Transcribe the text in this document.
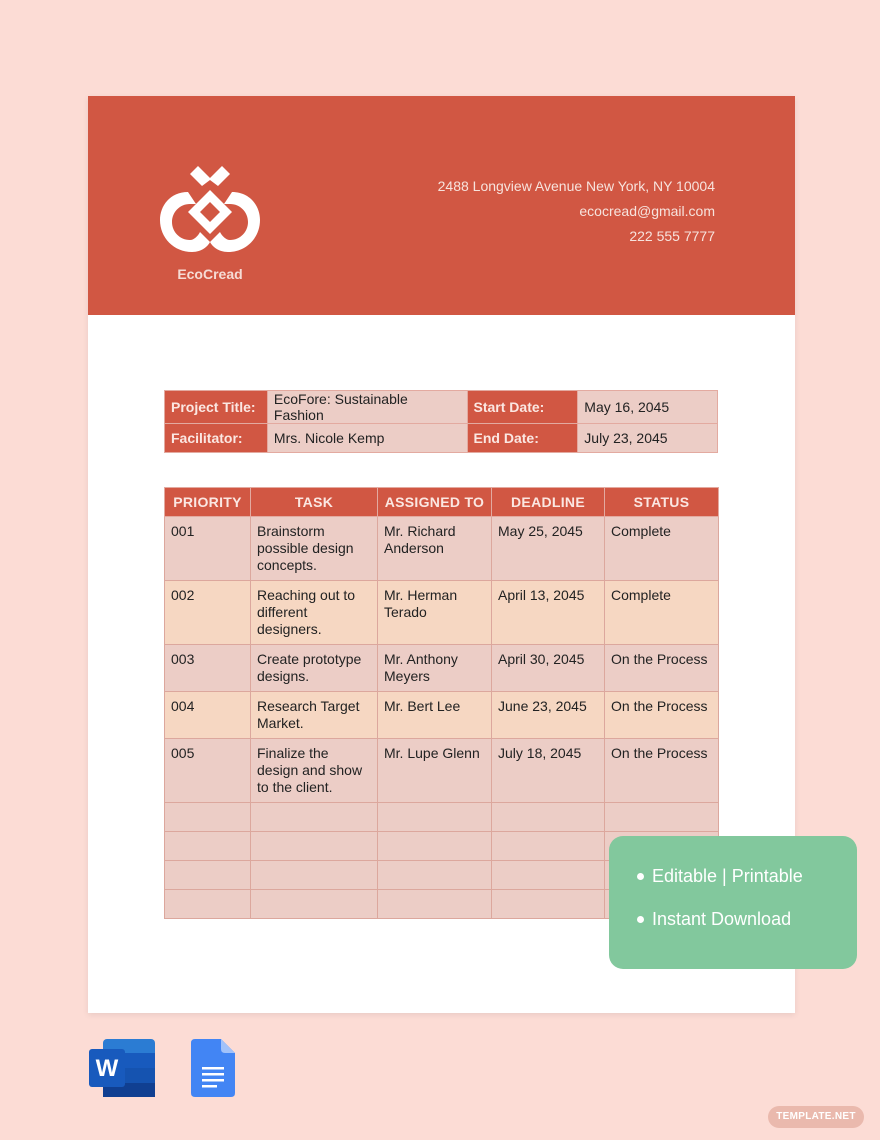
EcoCread
2488 Longview Avenue New York, NY 10004
ecocread@gmail.com
222 555 7777
Project Title:	EcoFore: Sustainable Fashion	Start Date:	May 16, 2045
Facilitator:	Mrs. Nicole Kemp	End Date:	July 23, 2045
PRIORITY	TASK	ASSIGNED TO	DEADLINE	STATUS
001	Brainstorm possible design concepts.	Mr. Richard Anderson	May 25, 2045	Complete
002	Reaching out to different designers.	Mr. Herman Terado	April 13, 2045	Complete
003	Create prototype designs.	Mr. Anthony Meyers	April 30, 2045	On the Process
004	Research Target Market.	Mr. Bert Lee	June 23, 2045	On the Process
005	Finalize the design and show to the client.	Mr. Lupe Glenn	July 18, 2045	On the Process

Editable | Printable
Instant Download
W
TEMPLATE.NET
